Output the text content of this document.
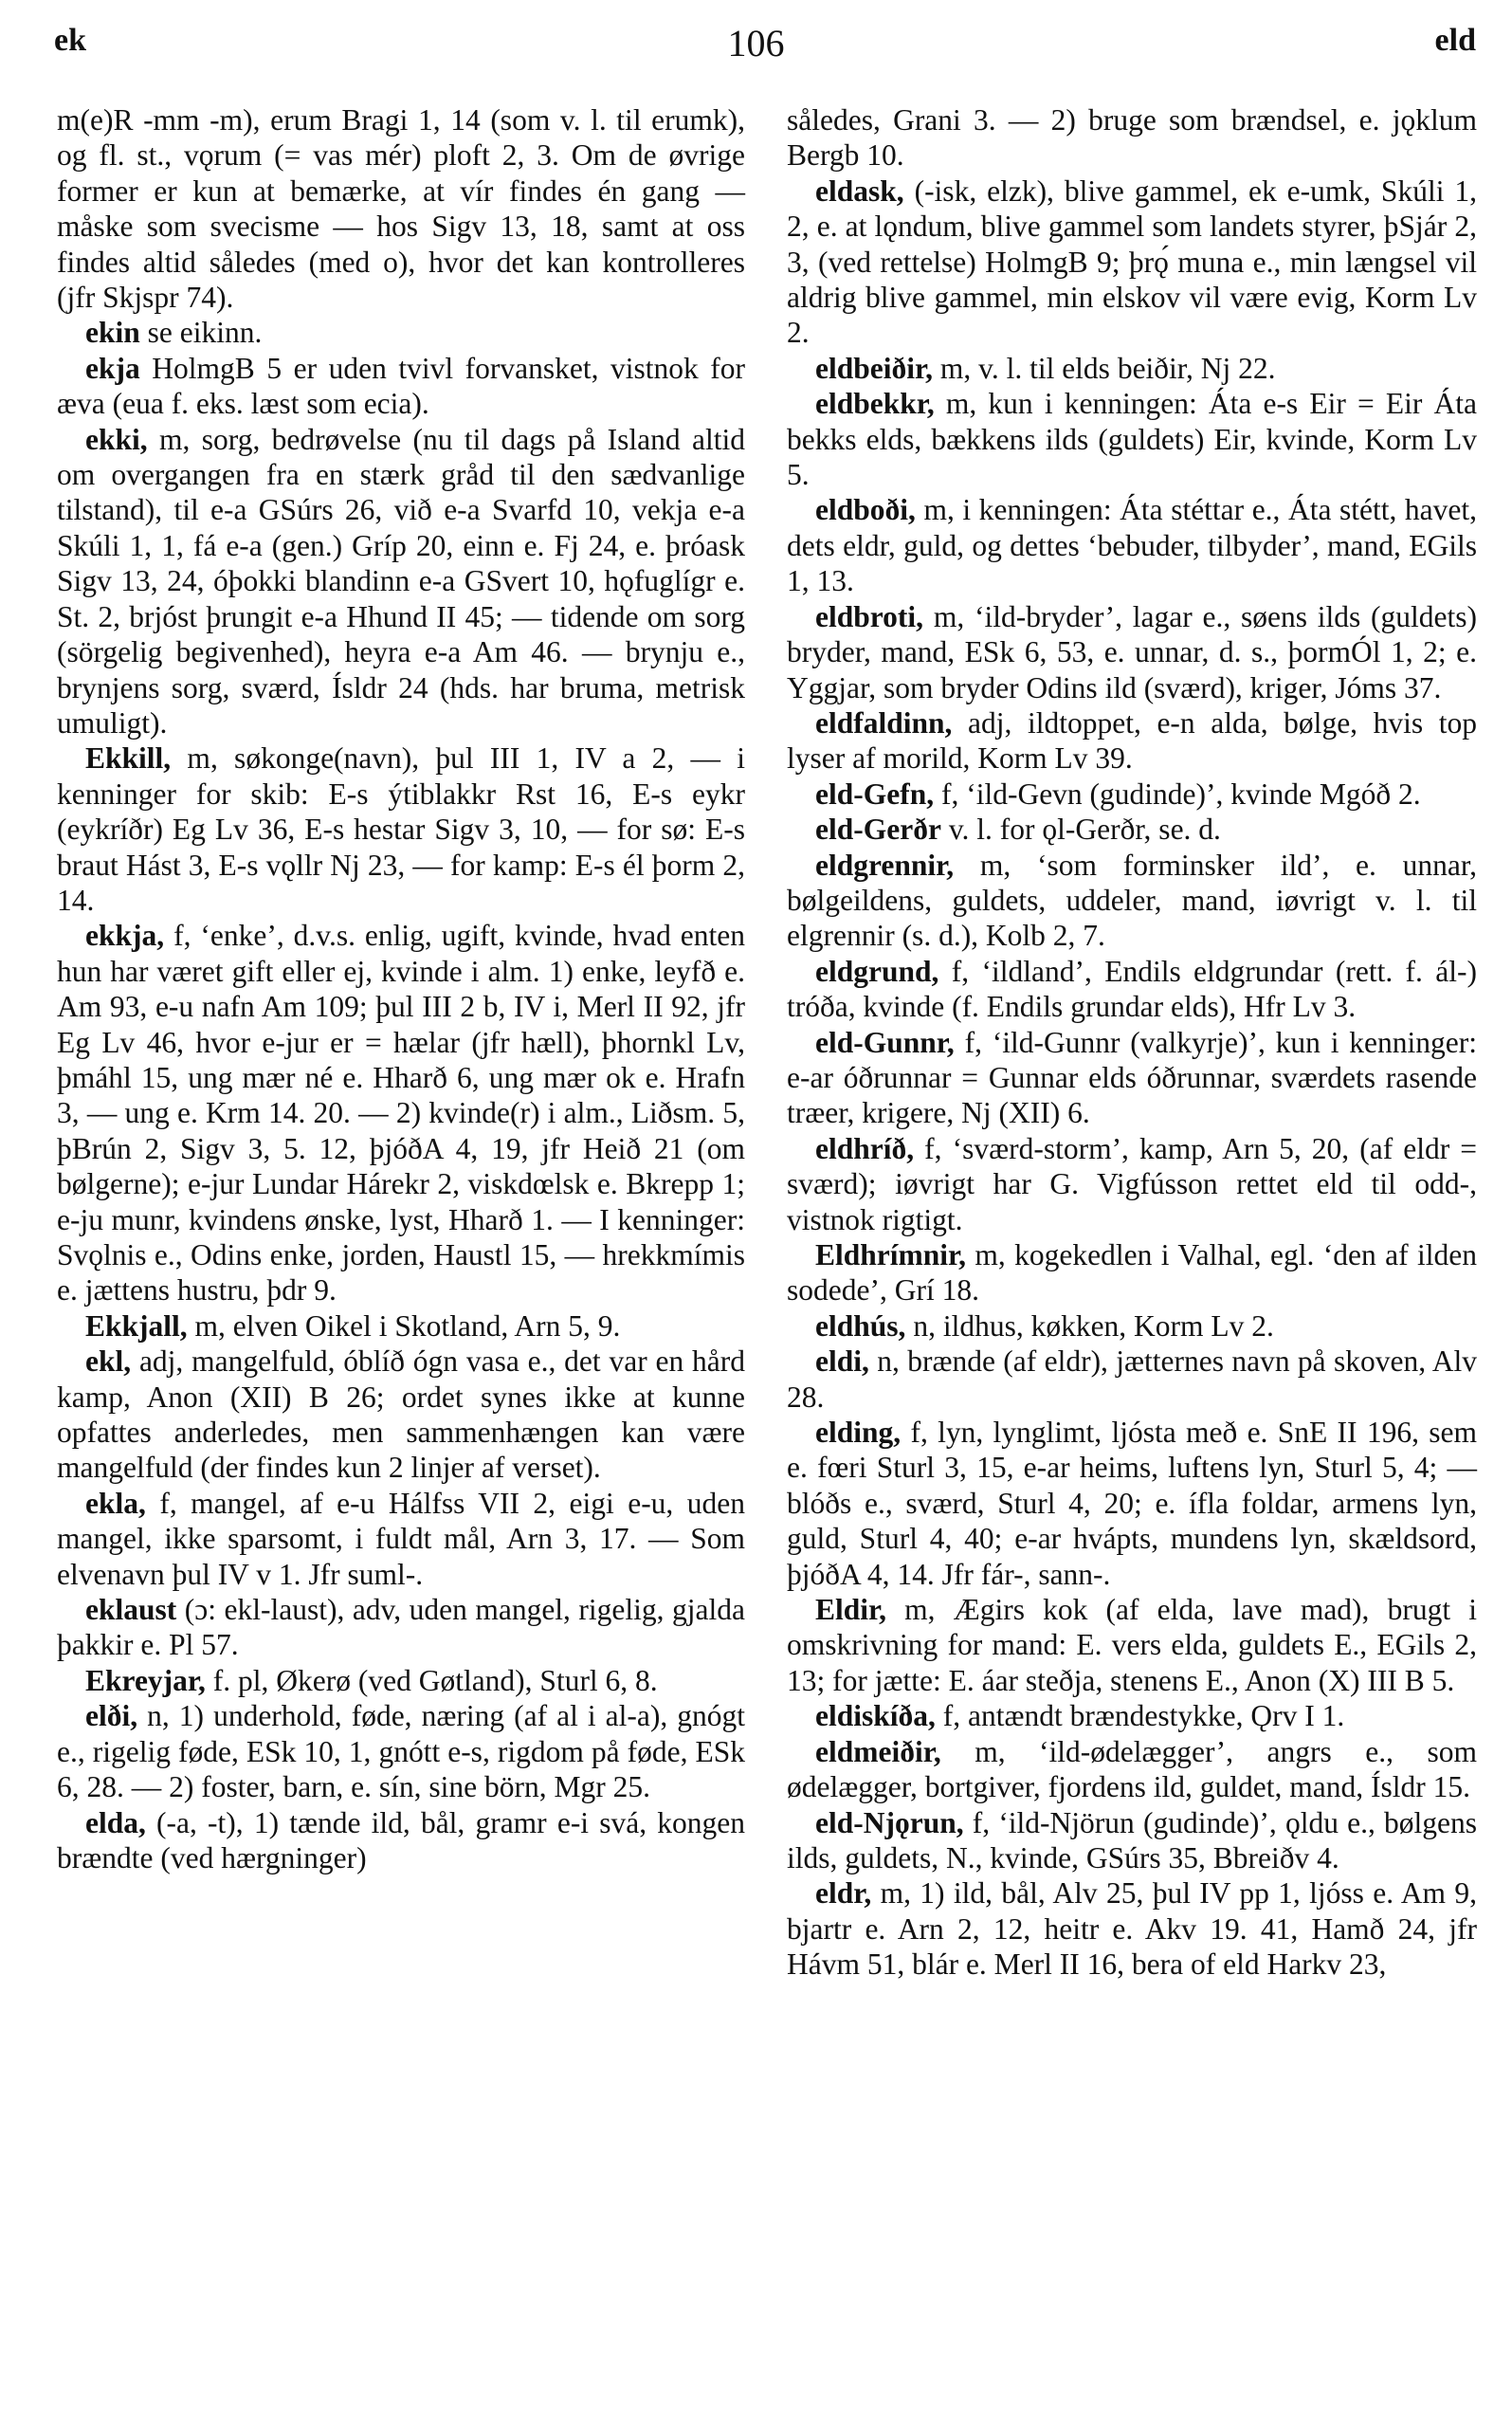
ek	106	eld

m(e)R -mm -m), erum Bragi 1, 14 (som v. l. til erumk), og fl. st., vǫrum (= vas mér) ploft 2, 3. Om de øvrige former er kun at bemærke, at vír findes én gang — måske som svecisme — hos Sigv 13, 18, samt at oss findes altid således (med o), hvor det kan kontrolleres (jfr Skjspr 74).

ekin se eikinn.

ekja HolmgB 5 er uden tvivl forvansket, vistnok for æva (eua f. eks. læst som ecia).

ekki, m, sorg, bedrøvelse (nu til dags på Island altid om overgangen fra en stærk gråd til den sædvanlige tilstand), til e-a GSúrs 26, við e-a Svarfd 10, vekja e-a Skúli 1, 1, fá e-a (gen.) Gríp 20, einn e. Fj 24, e. þróask Sigv 13, 24, óþokki blandinn e-a GSvert 10, hǫfuglígr e. St. 2, brjóst þrungit e-a Hhund II 45; — tidende om sorg (sörgelig begivenhed), heyra e-a Am 46. — brynju e., brynjens sorg, sværd, Ísldr 24 (hds. har bruma, metrisk umuligt).

Ekkill, m, søkonge(navn), þul III 1, IV a 2, — i kenninger for skib: E-s ýtiblakkr Rst 16, E-s eykr (eykríðr) Eg Lv 36, E-s hestar Sigv 3, 10, — for sø: E-s braut Hást 3, E-s vǫllr Nj 23, — for kamp: E-s él þorm 2, 14.

ekkja, f, ‘enke’, d.v.s. enlig, ugift, kvinde, hvad enten hun har været gift eller ej, kvinde i alm. 1) enke, leyfð e. Am 93, e-u nafn Am 109; þul III 2 b, IV i, Merl II 92, jfr Eg Lv 46, hvor e-jur er = hælar (jfr hæll), þhornkl Lv, þmáhl 15, ung mær né e. Hharð 6, ung mær ok e. Hrafn 3, — ung e. Krm 14. 20. — 2) kvinde(r) i alm., Liðsm. 5, þBrún 2, Sigv 3, 5. 12, þjóðA 4, 19, jfr Heið 21 (om bølgerne); e-jur Lundar Hárekr 2, viskdœlsk e. Bkrepp 1; e-ju munr, kvindens ønske, lyst, Hharð 1. — I kenninger: Svǫlnis e., Odins enke, jorden, Haustl 15, — hrekkmímis e. jættens hustru, þdr 9.

Ekkjall, m, elven Oikel i Skotland, Arn 5, 9.

ekl, adj, mangelfuld, óblíð ógn vasa e., det var en hård kamp, Anon (XII) B 26; ordet synes ikke at kunne opfattes anderledes, men sammenhængen kan være mangelfuld (der findes kun 2 linjer af verset).

ekla, f, mangel, af e-u Hálfss VII 2, eigi e-u, uden mangel, ikke sparsomt, i fuldt mål, Arn 3, 17. — Som elvenavn þul IV v 1. Jfr suml-.

eklaust (ɔ: ekl-laust), adv, uden mangel, rigelig, gjalda þakkir e. Pl 57.

Ekreyjar, f. pl, Økerø (ved Gøtland), Sturl 6, 8.

elði, n, 1) underhold, føde, næring (af al i al-a), gnógt e., rigelig føde, ESk 10, 1, gnótt e-s, rigdom på føde, ESk 6, 28. — 2) foster, barn, e. sín, sine börn, Mgr 25.

elda, (-a, -t), 1) tænde ild, bål, gramr e-i svá, kongen brændte (ved hærgninger)

således, Grani 3. — 2) bruge som brændsel, e. jǫklum Bergb 10.

eldask, (-isk, elzk), blive gammel, ek e-umk, Skúli 1, 2, e. at lǫndum, blive gammel som landets styrer, þSjár 2, 3, (ved rettelse) HolmgB 9; þrǫ́ muna e., min længsel vil aldrig blive gammel, min elskov vil være evig, Korm Lv 2.

eldbeiðir, m, v. l. til elds beiðir, Nj 22.

eldbekkr, m, kun i kenningen: Áta e-s Eir = Eir Áta bekks elds, bækkens ilds (guldets) Eir, kvinde, Korm Lv 5.

eldboði, m, i kenningen: Áta stéttar e., Áta stétt, havet, dets eldr, guld, og dettes ‘bebuder, tilbyder’, mand, EGils 1, 13.

eldbroti, m, ‘ild-bryder’, lagar e., søens ilds (guldets) bryder, mand, ESk 6, 53, e. unnar, d. s., þormÓl 1, 2; e. Yggjar, som bryder Odins ild (sværd), kriger, Jóms 37.

eldfaldinn, adj, ildtoppet, e-n alda, bølge, hvis top lyser af morild, Korm Lv 39.

eld-Gefn, f, ‘ild-Gevn (gudinde)’, kvinde Mgóð 2.

eld-Gerðr v. l. for ǫl-Gerðr, se. d.

eldgrennir, m, ‘som forminsker ild’, e. unnar, bølgeildens, guldets, uddeler, mand, iøvrigt v. l. til elgrennir (s. d.), Kolb 2, 7.

eldgrund, f, ‘ildland’, Endils eldgrundar (rett. f. ál-) tróða, kvinde (f. Endils grundar elds), Hfr Lv 3.

eld-Gunnr, f, ‘ild-Gunnr (valkyrje)’, kun i kenninger: e-ar óðrunnar = Gunnar elds óðrunnar, sværdets rasende træer, krigere, Nj (XII) 6.

eldhríð, f, ‘sværd-storm’, kamp, Arn 5, 20, (af eldr = sværd); iøvrigt har G. Vigfússon rettet eld til odd-, vistnok rigtigt.

Eldhrímnir, m, kogekedlen i Valhal, egl. ‘den af ilden sodede’, Grí 18.

eldhús, n, ildhus, køkken, Korm Lv 2.

eldi, n, brænde (af eldr), jætternes navn på skoven, Alv 28.

elding, f, lyn, lynglimt, ljósta með e. SnE II 196, sem e. fœri Sturl 3, 15, e-ar heims, luftens lyn, Sturl 5, 4; — blóðs e., sværd, Sturl 4, 20; e. ífla foldar, armens lyn, guld, Sturl 4, 40; e-ar hvápts, mundens lyn, skældsord, þjóðA 4, 14. Jfr fár-, sann-.

Eldir, m, Ægirs kok (af elda, lave mad), brugt i omskrivning for mand: E. vers elda, guldets E., EGils 2, 13; for jætte: E. áar steðja, stenens E., Anon (X) III B 5.

eldiskíða, f, antændt brændestykke, Ǫrv I 1.

eldmeiðir, m, ‘ild-ødelægger’, angrs e., som ødelægger, bortgiver, fjordens ild, guldet, mand, Ísldr 15.

eld-Njǫrun, f, ‘ild-Njörun (gudinde)’, ǫldu e., bølgens ilds, guldets, N., kvinde, GSúrs 35, Bbreiðv 4.

eldr, m, 1) ild, bål, Alv 25, þul IV pp 1, ljóss e. Am 9, bjartr e. Arn 2, 12, heitr e. Akv 19. 41, Hamð 24, jfr Hávm 51, blár e. Merl II 16, bera of eld Harkv 23,
